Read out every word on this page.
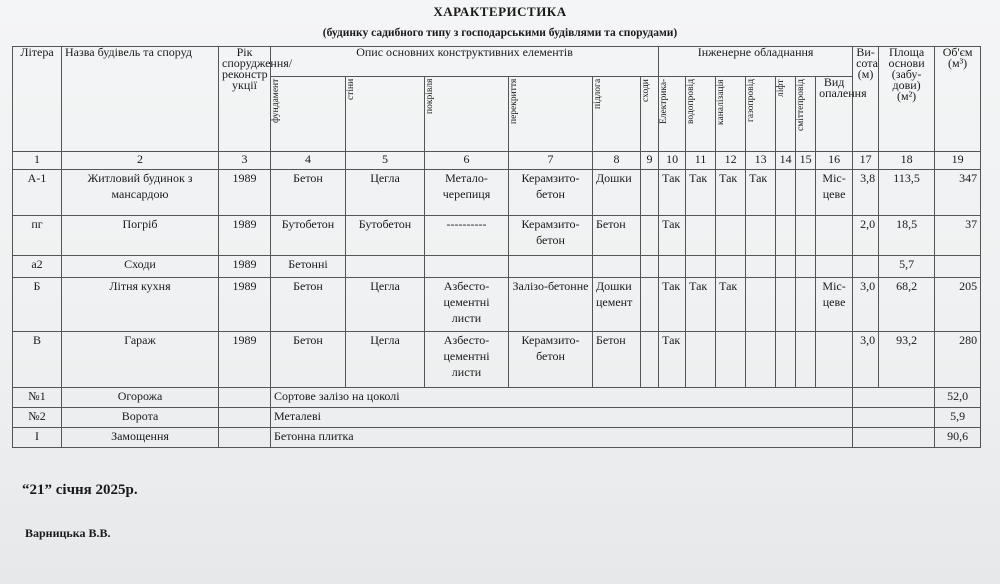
ХАРАКТЕРИСТИКА
(будинку садибного типу з господарськими будівлями та спорудами)
Літера	Назва будівель та споруд	Рік
спорудження/
реконстр
укції	Опис основних конструктивних елементів						Інженерне обладнання							Ви-
сота
(м)	Площа
основи
(забу-
дови)
(м²)	Об'єм
(м³)	

			фундамент	стіни	покрівля	перекриття	підлога	сходи	Електрика-	водопровід	каналізація	газопровід	ліфт	сміттепровід	Вид
опалення				
1	2	3	4	5	6	7	8	9	10	11	12	13	14	15	16	17	18	19	
А-1	Житловий будинок з мансардою	1989	Бетон	Цегла	Метало-черепиця	Керамзито-бетон	Дошки		Так	Так	Так	Так			Міс-цеве	3,8	113,5	347	
пг	Погріб	1989	Бутобетон	Бутобетон	----------	Керамзито-бетон	Бетон		Так							2,0	18,5	37	
а2	Сходи	1989	Бетонні														5,7		
Б	Літня кухня	1989	Бетон	Цегла	Азбесто-цементні листи	Залізо-бетонне	Дошки цемент		Так	Так	Так				Міс-цеве	3,0	68,2	205	
В	Гараж	1989	Бетон	Цегла	Азбесто-цементні листи	Керамзито-бетон	Бетон		Так							3,0	93,2	280	
№1	Огорожа		Сортове залізо на цоколі															52,0	
№2	Ворота		Металеві															5,9	
І	Замощення		Бетонна плитка															90,6	
“21” січня 2025р.
Варницька В.В.
